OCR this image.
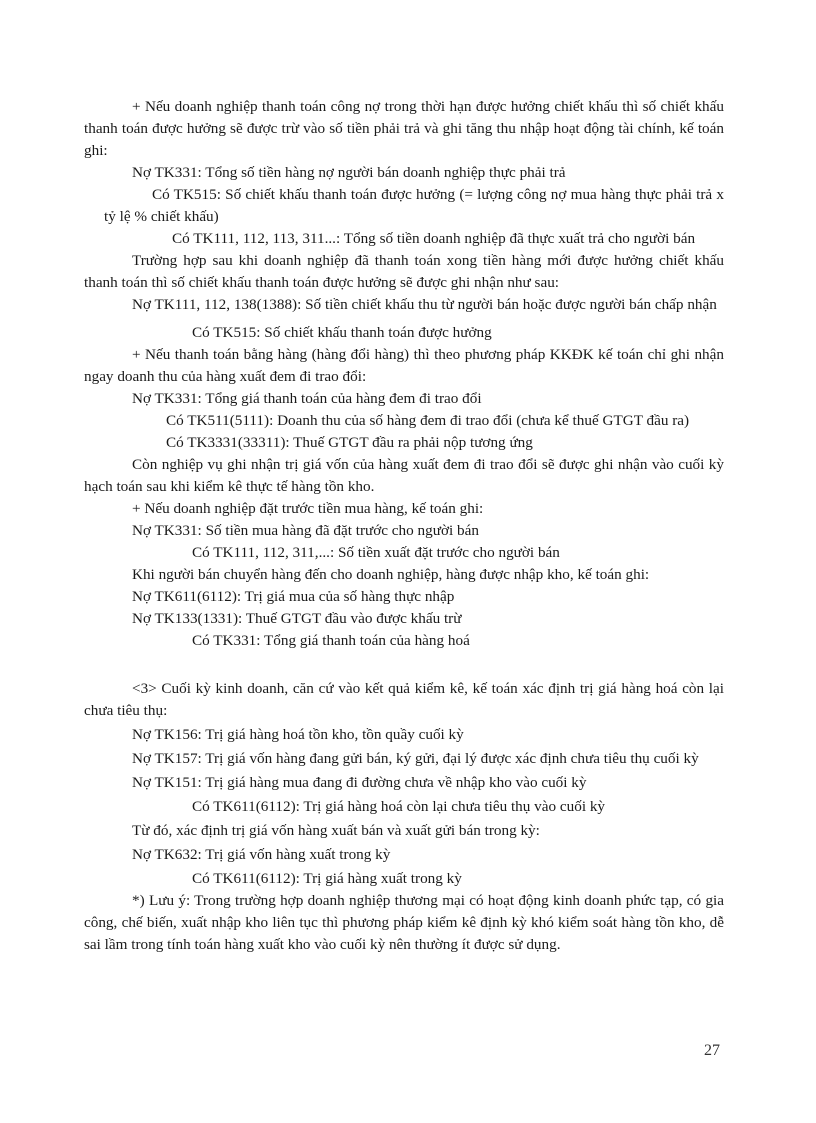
+ Nếu doanh nghiệp thanh toán công nợ trong thời hạn được hưởng chiết khấu thì số chiết khấu thanh toán được hưởng sẽ được trừ vào số tiền phải trả và ghi tăng thu nhập hoạt động tài chính, kế toán ghi:

Nợ TK331: Tổng số tiền hàng nợ người bán doanh nghiệp thực phải trả

Có TK515: Số chiết khấu thanh toán được hưởng (= lượng công nợ mua hàng thực phải trả x tỷ lệ % chiết khấu)

Có TK111, 112, 113, 311...: Tổng số tiền doanh nghiệp đã thực xuất trả cho người bán

Trường hợp sau khi doanh nghiệp đã thanh toán xong tiền hàng mới được hưởng chiết khấu thanh toán thì số chiết khấu thanh toán được hưởng sẽ được ghi nhận như sau:

Nợ TK111, 112, 138(1388): Số tiền chiết khấu thu từ người bán hoặc được người bán chấp nhận

Có TK515: Số chiết khấu thanh toán được hưởng

+ Nếu thanh toán bằng hàng (hàng đổi hàng) thì theo phương pháp KKĐK kế toán chỉ ghi nhận ngay doanh thu của hàng xuất đem đi trao đổi:

Nợ TK331: Tổng giá thanh toán của hàng đem đi trao đổi

Có TK511(5111): Doanh thu của số hàng đem đi trao đổi (chưa kể thuế GTGT đầu ra)

Có TK3331(33311): Thuế GTGT đầu ra phải nộp tương ứng

Còn nghiệp vụ ghi nhận trị giá vốn của hàng xuất đem đi trao đổi sẽ được ghi nhận vào cuối kỳ hạch toán sau khi kiểm kê thực tế hàng tồn kho.

+ Nếu doanh nghiệp đặt trước tiền mua hàng, kế toán ghi:

Nợ TK331: Số tiền mua hàng đã đặt trước cho người bán

Có TK111, 112, 311,...: Số tiền xuất đặt trước cho người bán

Khi người bán chuyển hàng đến cho doanh nghiệp, hàng được nhập kho, kế toán ghi:

Nợ TK611(6112): Trị giá mua của số hàng thực nhập

Nợ TK133(1331): Thuế GTGT đầu vào được khấu trừ

Có TK331: Tổng giá thanh toán của hàng hoá

<3> Cuối kỳ kinh doanh, căn cứ vào kết quả kiểm kê, kế toán xác định trị giá hàng hoá còn lại chưa tiêu thụ:

Nợ TK156: Trị giá hàng hoá tồn kho, tồn quầy cuối kỳ

Nợ TK157: Trị giá vốn hàng đang gửi bán, ký gửi, đại lý được xác định chưa tiêu thụ cuối kỳ

Nợ TK151: Trị giá hàng mua đang đi đường chưa về nhập kho vào cuối kỳ

Có TK611(6112): Trị giá hàng hoá còn lại chưa tiêu thụ vào cuối kỳ

Từ đó, xác định trị giá vốn hàng xuất bán và xuất gửi bán trong kỳ:

Nợ TK632: Trị giá vốn hàng xuất trong kỳ

Có TK611(6112): Trị giá hàng xuất trong kỳ

*) Lưu ý: Trong trường hợp doanh nghiệp thương mại có hoạt động kinh doanh phức tạp, có gia công, chế biến, xuất nhập kho liên tục thì phương pháp kiểm kê định kỳ khó kiểm soát hàng tồn kho, dễ sai lầm trong tính toán hàng xuất kho vào cuối kỳ nên thường ít được sử dụng.

27
